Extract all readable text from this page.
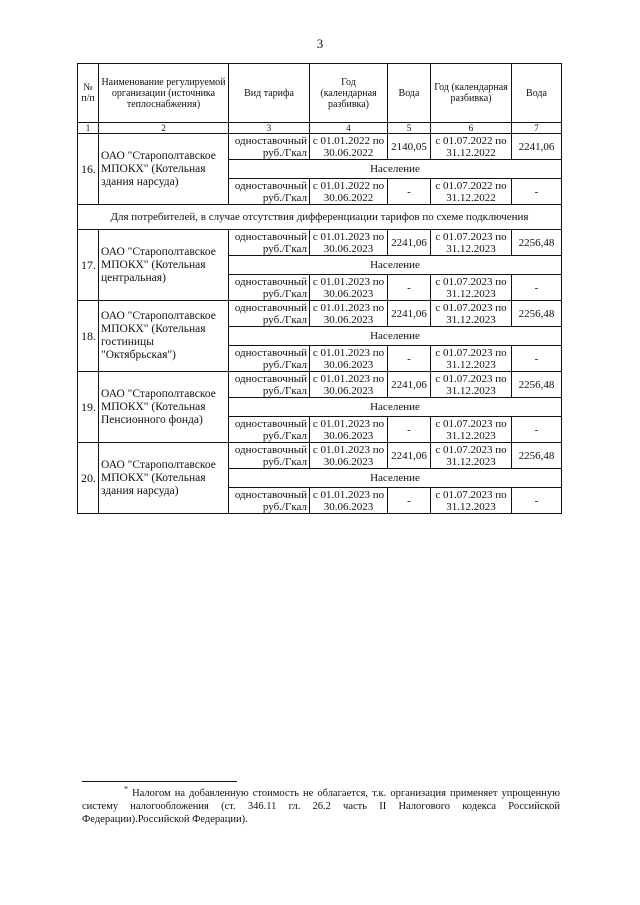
3
№ п/п	Наименование регулируемой организации (источника теплоснабжения)	Вид тарифа	Год (календарная разбивка)	Вода	Год (календарная разбивка)	Вода
1	2	3	4	5	6	7
16.	ОАО "Старополтавское МПОКХ" (Котельная здания нарсуда)	одноставочный руб./Гкал	с 01.01.2022 по 30.06.2022	2140,05	с 01.07.2022 по 31.12.2022	2241,06
		Население				
		одноставочный руб./Гкал	с 01.01.2022 по 30.06.2022	-	с 01.07.2022 по 31.12.2022	-
Для потребителей, в случае отсутствия дифференциации тарифов по схеме подключения						
17.	ОАО "Старополтавское МПОКХ" (Котельная центральная)	одноставочный руб./Гкал	с 01.01.2023 по 30.06.2023	2241,06	с 01.07.2023 по 31.12.2023	2256,48
		Население				
		одноставочный руб./Гкал	с 01.01.2023 по 30.06.2023	-	с 01.07.2023 по 31.12.2023	-
18.	ОАО "Старополтавское МПОКХ" (Котельная гостиницы "Октябрьская")	одноставочный руб./Гкал	с 01.01.2023 по 30.06.2023	2241,06	с 01.07.2023 по 31.12.2023	2256,48
		Население				
		одноставочный руб./Гкал	с 01.01.2023 по 30.06.2023	-	с 01.07.2023 по 31.12.2023	-
19.	ОАО "Старополтавское МПОКХ" (Котельная Пенсионного фонда)	одноставочный руб./Гкал	с 01.01.2023 по 30.06.2023	2241,06	с 01.07.2023 по 31.12.2023	2256,48
		Население				
		одноставочный руб./Гкал	с 01.01.2023 по 30.06.2023	-	с 01.07.2023 по 31.12.2023	-
20.	ОАО "Старополтавское МПОКХ" (Котельная здания нарсуда)	одноставочный руб./Гкал	с 01.01.2023 по 30.06.2023	2241,06	с 01.07.2023 по 31.12.2023	2256,48
		Население				
		одноставочный руб./Гкал	с 01.01.2023 по 30.06.2023	-	с 01.07.2023 по 31.12.2023	-
* Налогом на добавленную стоимость не облагается, т.к. организация применяет упрощенную систему налогообложения (ст. 346.11 гл. 26.2 часть II Налогового кодекса Российской Федерации).Российской Федерации).
